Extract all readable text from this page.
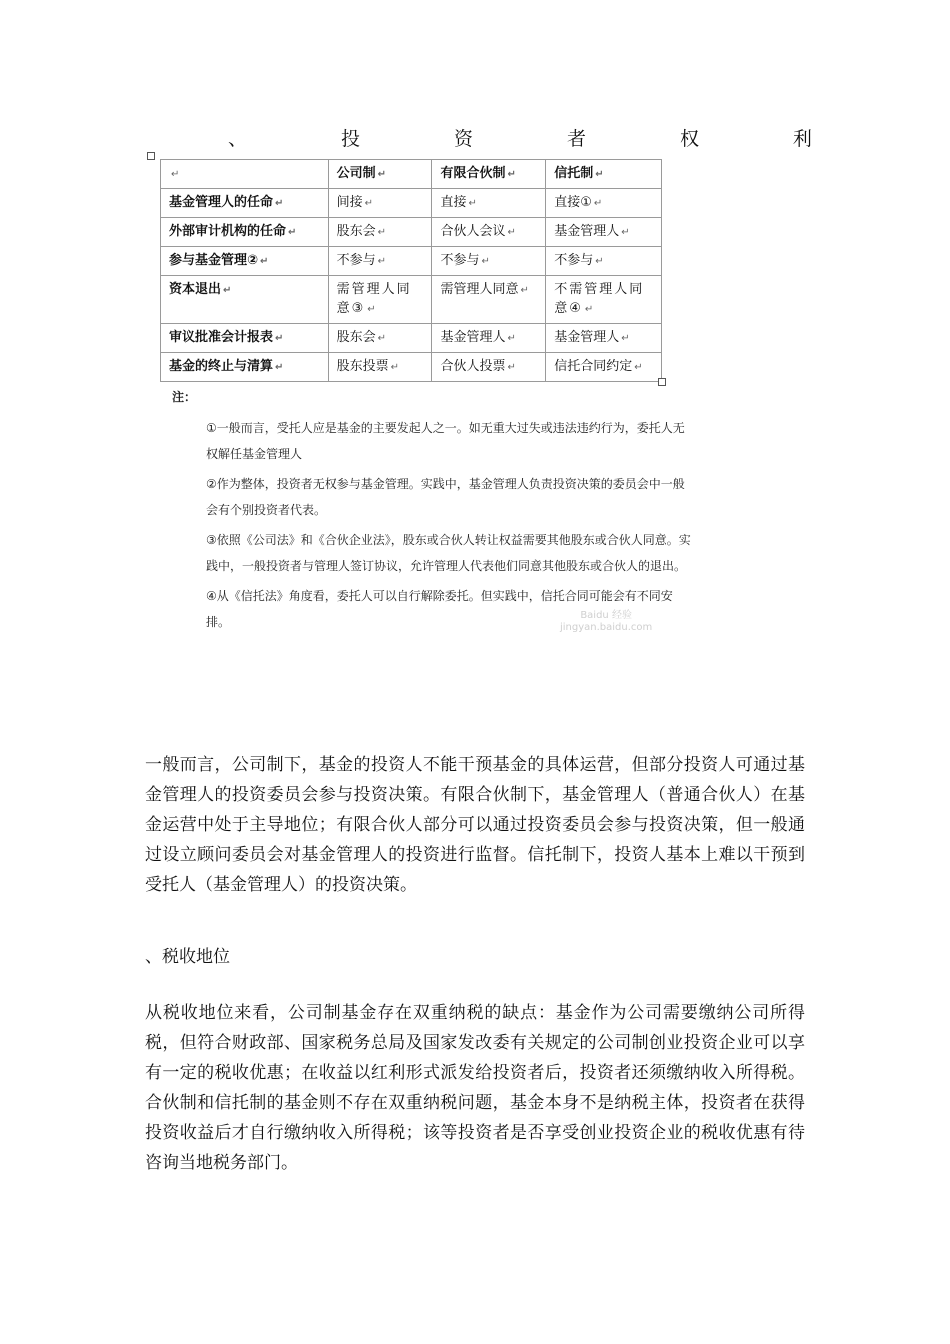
、	投	资	者	权	利
↵	公司制 ↵	有限合伙制 ↵	信托制 ↵
基金管理人的任命 ↵	间接 ↵	直接 ↵	直接① ↵
外部审计机构的任命 ↵	股东会 ↵	合伙人会议 ↵	基金管理人 ↵
参与基金管理② ↵	不参与 ↵	不参与 ↵	不参与 ↵
资本退出 ↵	需管理人同意③ ↵	需管理人同意 ↵	不需管理人同意④ ↵
审议批准会计报表 ↵	股东会 ↵	基金管理人 ↵	基金管理人 ↵
基金的终止与清算 ↵	股东投票 ↵	合伙人投票 ↵	信托合同约定 ↵
注：
①一般而言，受托人应是基金的主要发起人之一。如无重大过失或违法违约行为，委托人无权解任基金管理人
②作为整体，投资者无权参与基金管理。实践中，基金管理人负责投资决策的委员会中一般会有个别投资者代表。
③依照《公司法》和《合伙企业法》，股东或合伙人转让权益需要其他股东或合伙人同意。实践中，一般投资者与管理人签订协议，允许管理人代表他们同意其他股东或合伙人的退出。
④从《信托法》角度看，委托人可以自行解除委托。但实践中，信托合同可能会有不同安排。	Baidu 经验
jingyan.baidu.com
一般而言，公司制下，基金的投资人不能干预基金的具体运营，但部分投资人可通过基金管理人的投资委员会参与投资决策。有限合伙制下，基金管理人（普通合伙人）在基金运营中处于主导地位；有限合伙人部分可以通过投资委员会参与投资决策，但一般通过设立顾问委员会对基金管理人的投资进行监督。信托制下，投资人基本上难以干预到受托人（基金管理人）的投资决策。
、税收地位
从税收地位来看，公司制基金存在双重纳税的缺点：基金作为公司需要缴纳公司所得税，但符合财政部、国家税务总局及国家发改委有关规定的公司制创业投资企业可以享有一定的税收优惠；在收益以红利形式派发给投资者后，投资者还须缴纳收入所得税。合伙制和信托制的基金则不存在双重纳税问题，基金本身不是纳税主体，投资者在获得投资收益后才自行缴纳收入所得税；该等投资者是否享受创业投资企业的税收优惠有待咨询当地税务部门。
